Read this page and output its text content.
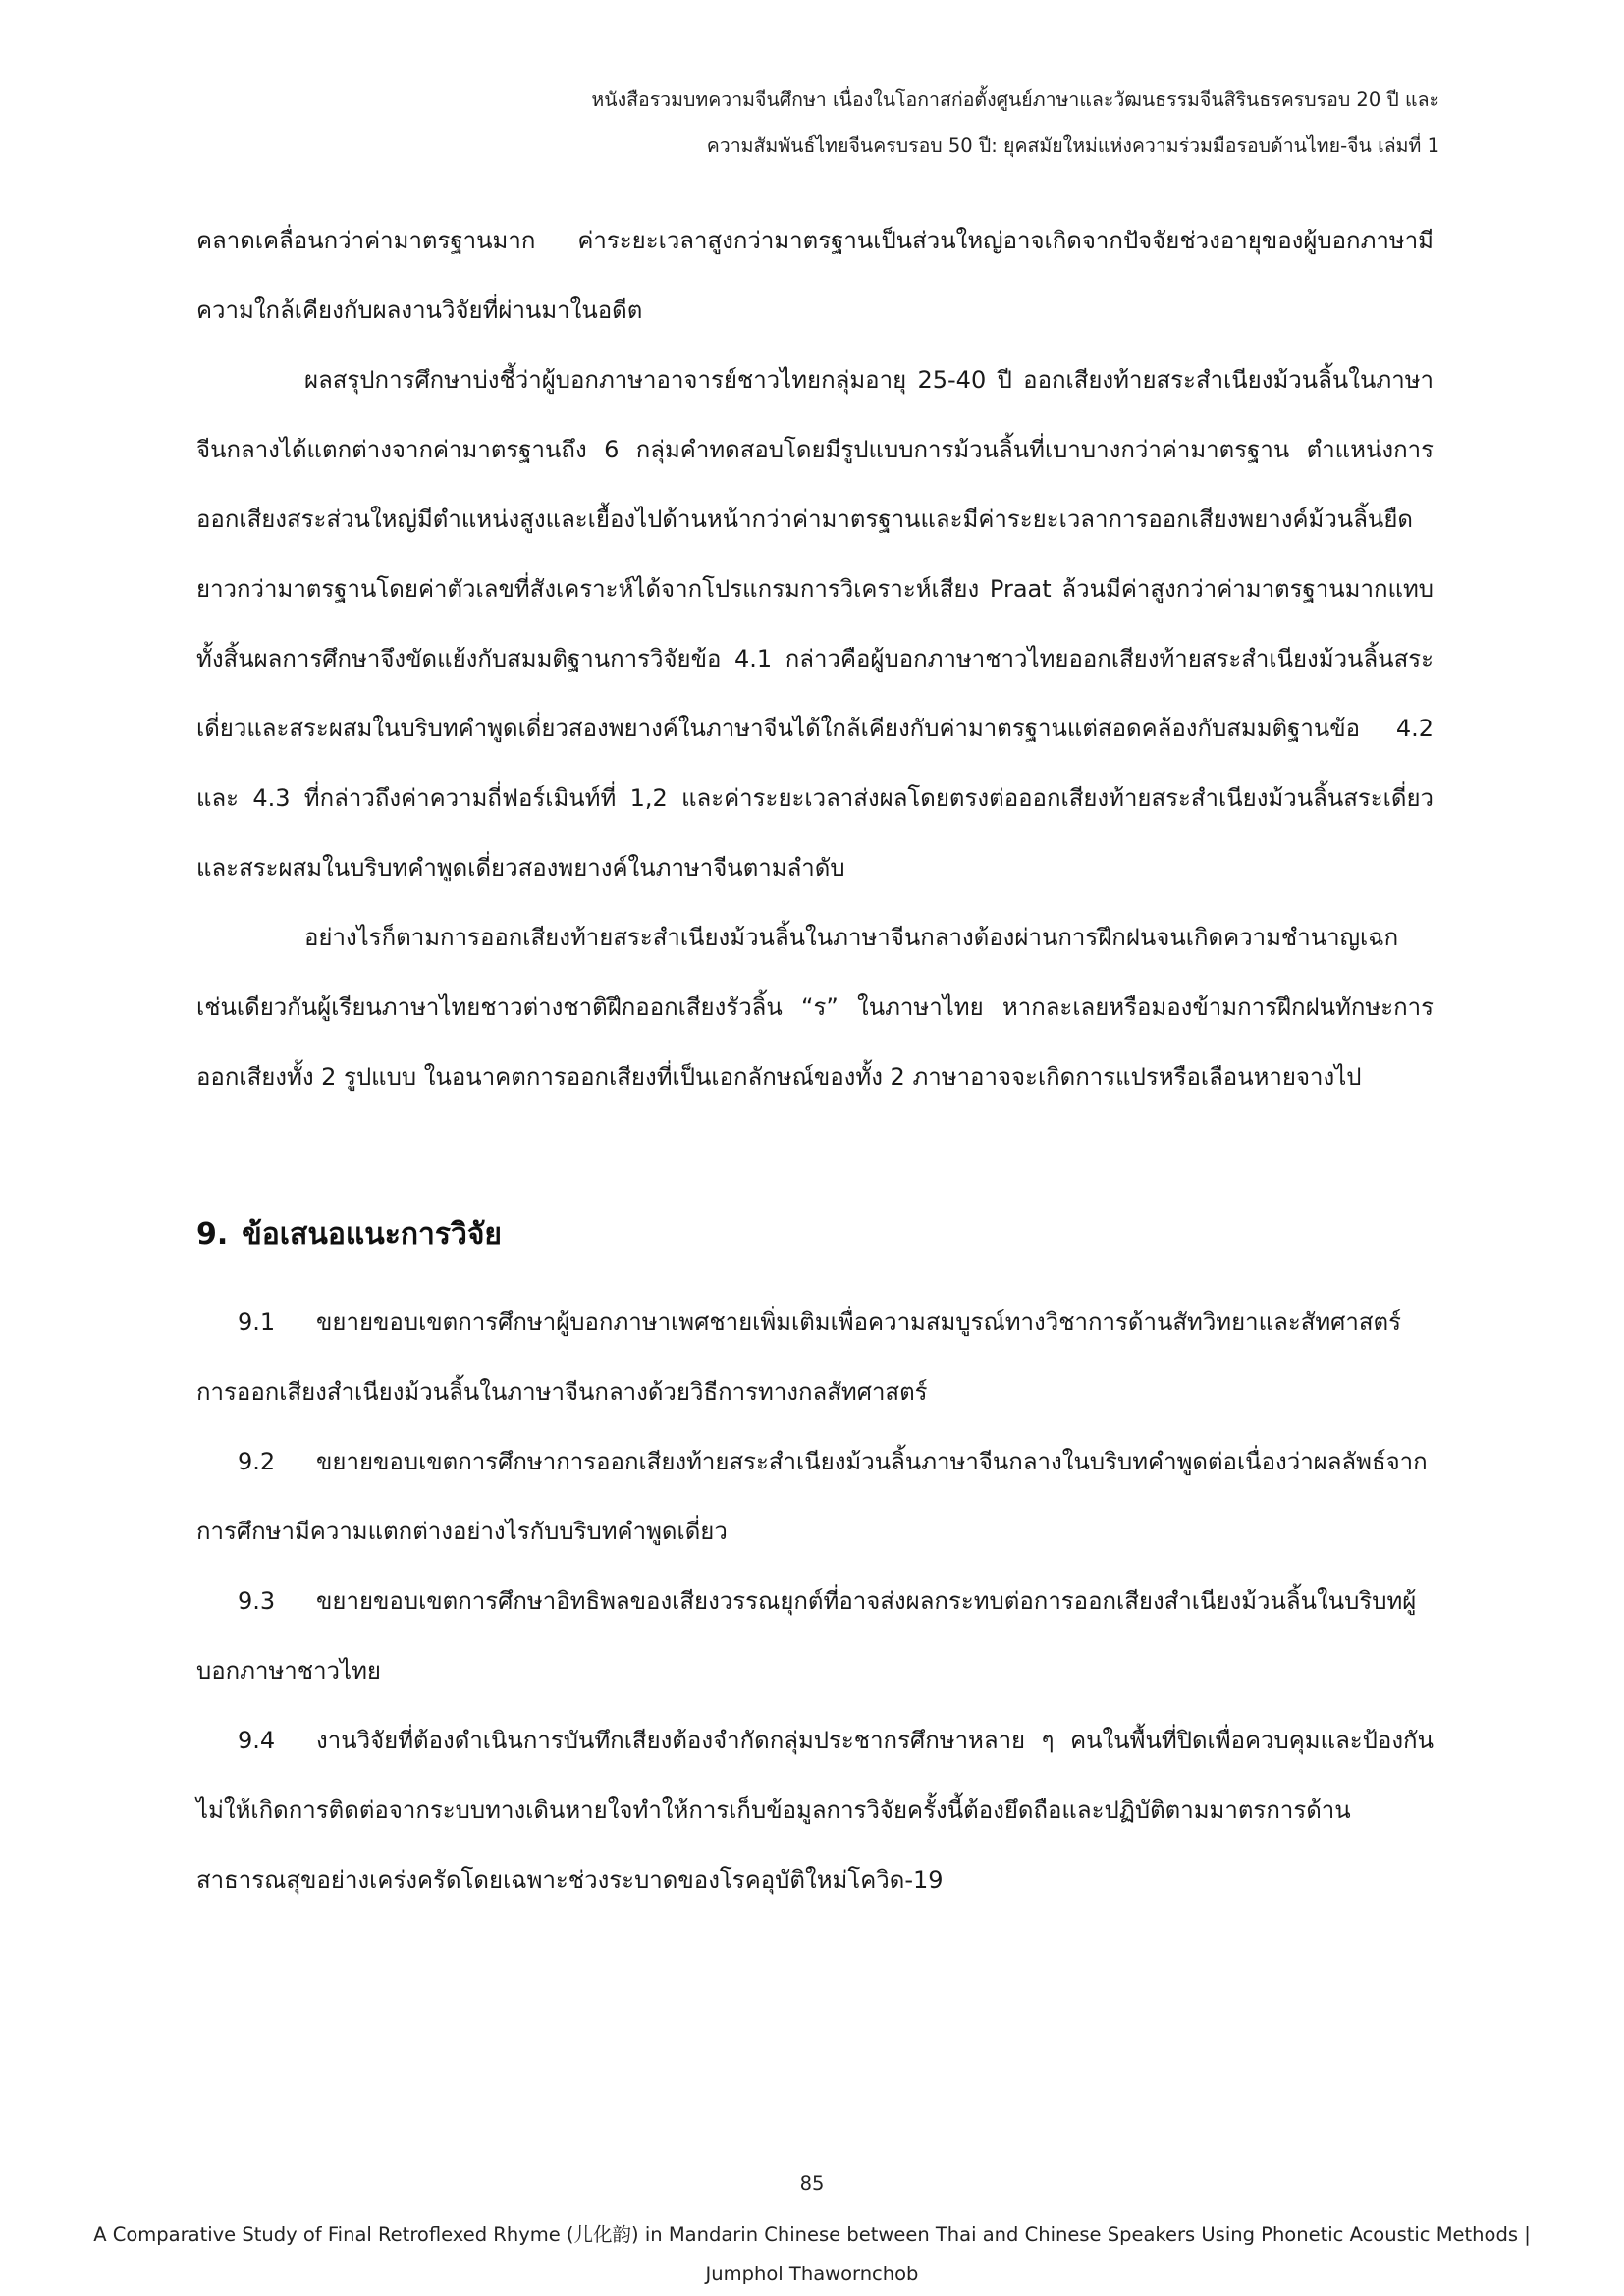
หนังสือรวมบทความจีนศึกษา เนื่องในโอกาสก่อตั้งศูนย์ภาษาและวัฒนธรรมจีนสิรินธรครบรอบ 20 ปี และ
ความสัมพันธ์ไทยจีนครบรอบ 50 ปี: ยุคสมัยใหม่แห่งความร่วมมือรอบด้านไทย-จีน เล่มที่ 1

คลาดเคลื่อนกว่าค่ามาตรฐานมาก ค่าระยะเวลาสูงกว่ามาตรฐานเป็นส่วนใหญ่อาจเกิดจากปัจจัยช่วงอายุของผู้บอกภาษามีความใกล้เคียงกับผลงานวิจัยที่ผ่านมาในอดีต

ผลสรุปการศึกษาบ่งชี้ว่าผู้บอกภาษาอาจารย์ชาวไทยกลุ่มอายุ 25-40 ปี ออกเสียงท้ายสระสำเนียงม้วนลิ้นในภาษาจีนกลางได้แตกต่างจากค่ามาตรฐานถึง 6 กลุ่มคำทดสอบโดยมีรูปแบบการม้วนลิ้นที่เบาบางกว่าค่ามาตรฐาน ตำแหน่งการออกเสียงสระส่วนใหญ่มีตำแหน่งสูงและเยื้องไปด้านหน้ากว่าค่ามาตรฐานและมีค่าระยะเวลาการออกเสียงพยางค์ม้วนลิ้นยืดยาวกว่ามาตรฐานโดยค่าตัวเลขที่สังเคราะห์ได้จากโปรแกรมการวิเคราะห์เสียง Praat ล้วนมีค่าสูงกว่าค่ามาตรฐานมากแทบทั้งสิ้นผลการศึกษาจึงขัดแย้งกับสมมติฐานการวิจัยข้อ 4.1 กล่าวคือผู้บอกภาษาชาวไทยออกเสียงท้ายสระสำเนียงม้วนลิ้นสระเดี่ยวและสระผสมในบริบทคำพูดเดี่ยวสองพยางค์ในภาษาจีนได้ใกล้เคียงกับค่ามาตรฐานแต่สอดคล้องกับสมมติฐานข้อ 4.2 และ 4.3 ที่กล่าวถึงค่าความถี่ฟอร์เมินท์ที่ 1,2 และค่าระยะเวลาส่งผลโดยตรงต่อออกเสียงท้ายสระสำเนียงม้วนลิ้นสระเดี่ยวและสระผสมในบริบทคำพูดเดี่ยวสองพยางค์ในภาษาจีนตามลำดับ

อย่างไรก็ตามการออกเสียงท้ายสระสำเนียงม้วนลิ้นในภาษาจีนกลางต้องผ่านการฝึกฝนจนเกิดความชำนาญเฉกเช่นเดียวกันผู้เรียนภาษาไทยชาวต่างชาติฝึกออกเสียงรัวลิ้น “ร” ในภาษาไทย หากละเลยหรือมองข้ามการฝึกฝนทักษะการออกเสียงทั้ง 2 รูปแบบ ในอนาคตการออกเสียงที่เป็นเอกลักษณ์ของทั้ง 2 ภาษาอาจจะเกิดการแปรหรือเลือนหายจางไป

9. ข้อเสนอแนะการวิจัย

9.1 ขยายขอบเขตการศึกษาผู้บอกภาษาเพศชายเพิ่มเติมเพื่อความสมบูรณ์ทางวิชาการด้านสัทวิทยาและสัทศาสตร์การออกเสียงสำเนียงม้วนลิ้นในภาษาจีนกลางด้วยวิธีการทางกลสัทศาสตร์

9.2 ขยายขอบเขตการศึกษาการออกเสียงท้ายสระสำเนียงม้วนลิ้นภาษาจีนกลางในบริบทคำพูดต่อเนื่องว่าผลลัพธ์จากการศึกษามีความแตกต่างอย่างไรกับบริบทคำพูดเดี่ยว

9.3 ขยายขอบเขตการศึกษาอิทธิพลของเสียงวรรณยุกต์ที่อาจส่งผลกระทบต่อการออกเสียงสำเนียงม้วนลิ้นในบริบทผู้บอกภาษาชาวไทย

9.4 งานวิจัยที่ต้องดำเนินการบันทึกเสียงต้องจำกัดกลุ่มประชากรศึกษาหลาย ๆ คนในพื้นที่ปิดเพื่อควบคุมและป้องกันไม่ให้เกิดการติดต่อจากระบบทางเดินหายใจทำให้การเก็บข้อมูลการวิจัยครั้งนี้ต้องยึดถือและปฏิบัติตามมาตรการด้านสาธารณสุขอย่างเคร่งครัดโดยเฉพาะช่วงระบาดของโรคอุบัติใหม่โควิด-19

85
A Comparative Study of Final Retroflexed Rhyme (儿化韵) in Mandarin Chinese between Thai and Chinese Speakers Using Phonetic Acoustic Methods |
Jumphol Thawornchob
